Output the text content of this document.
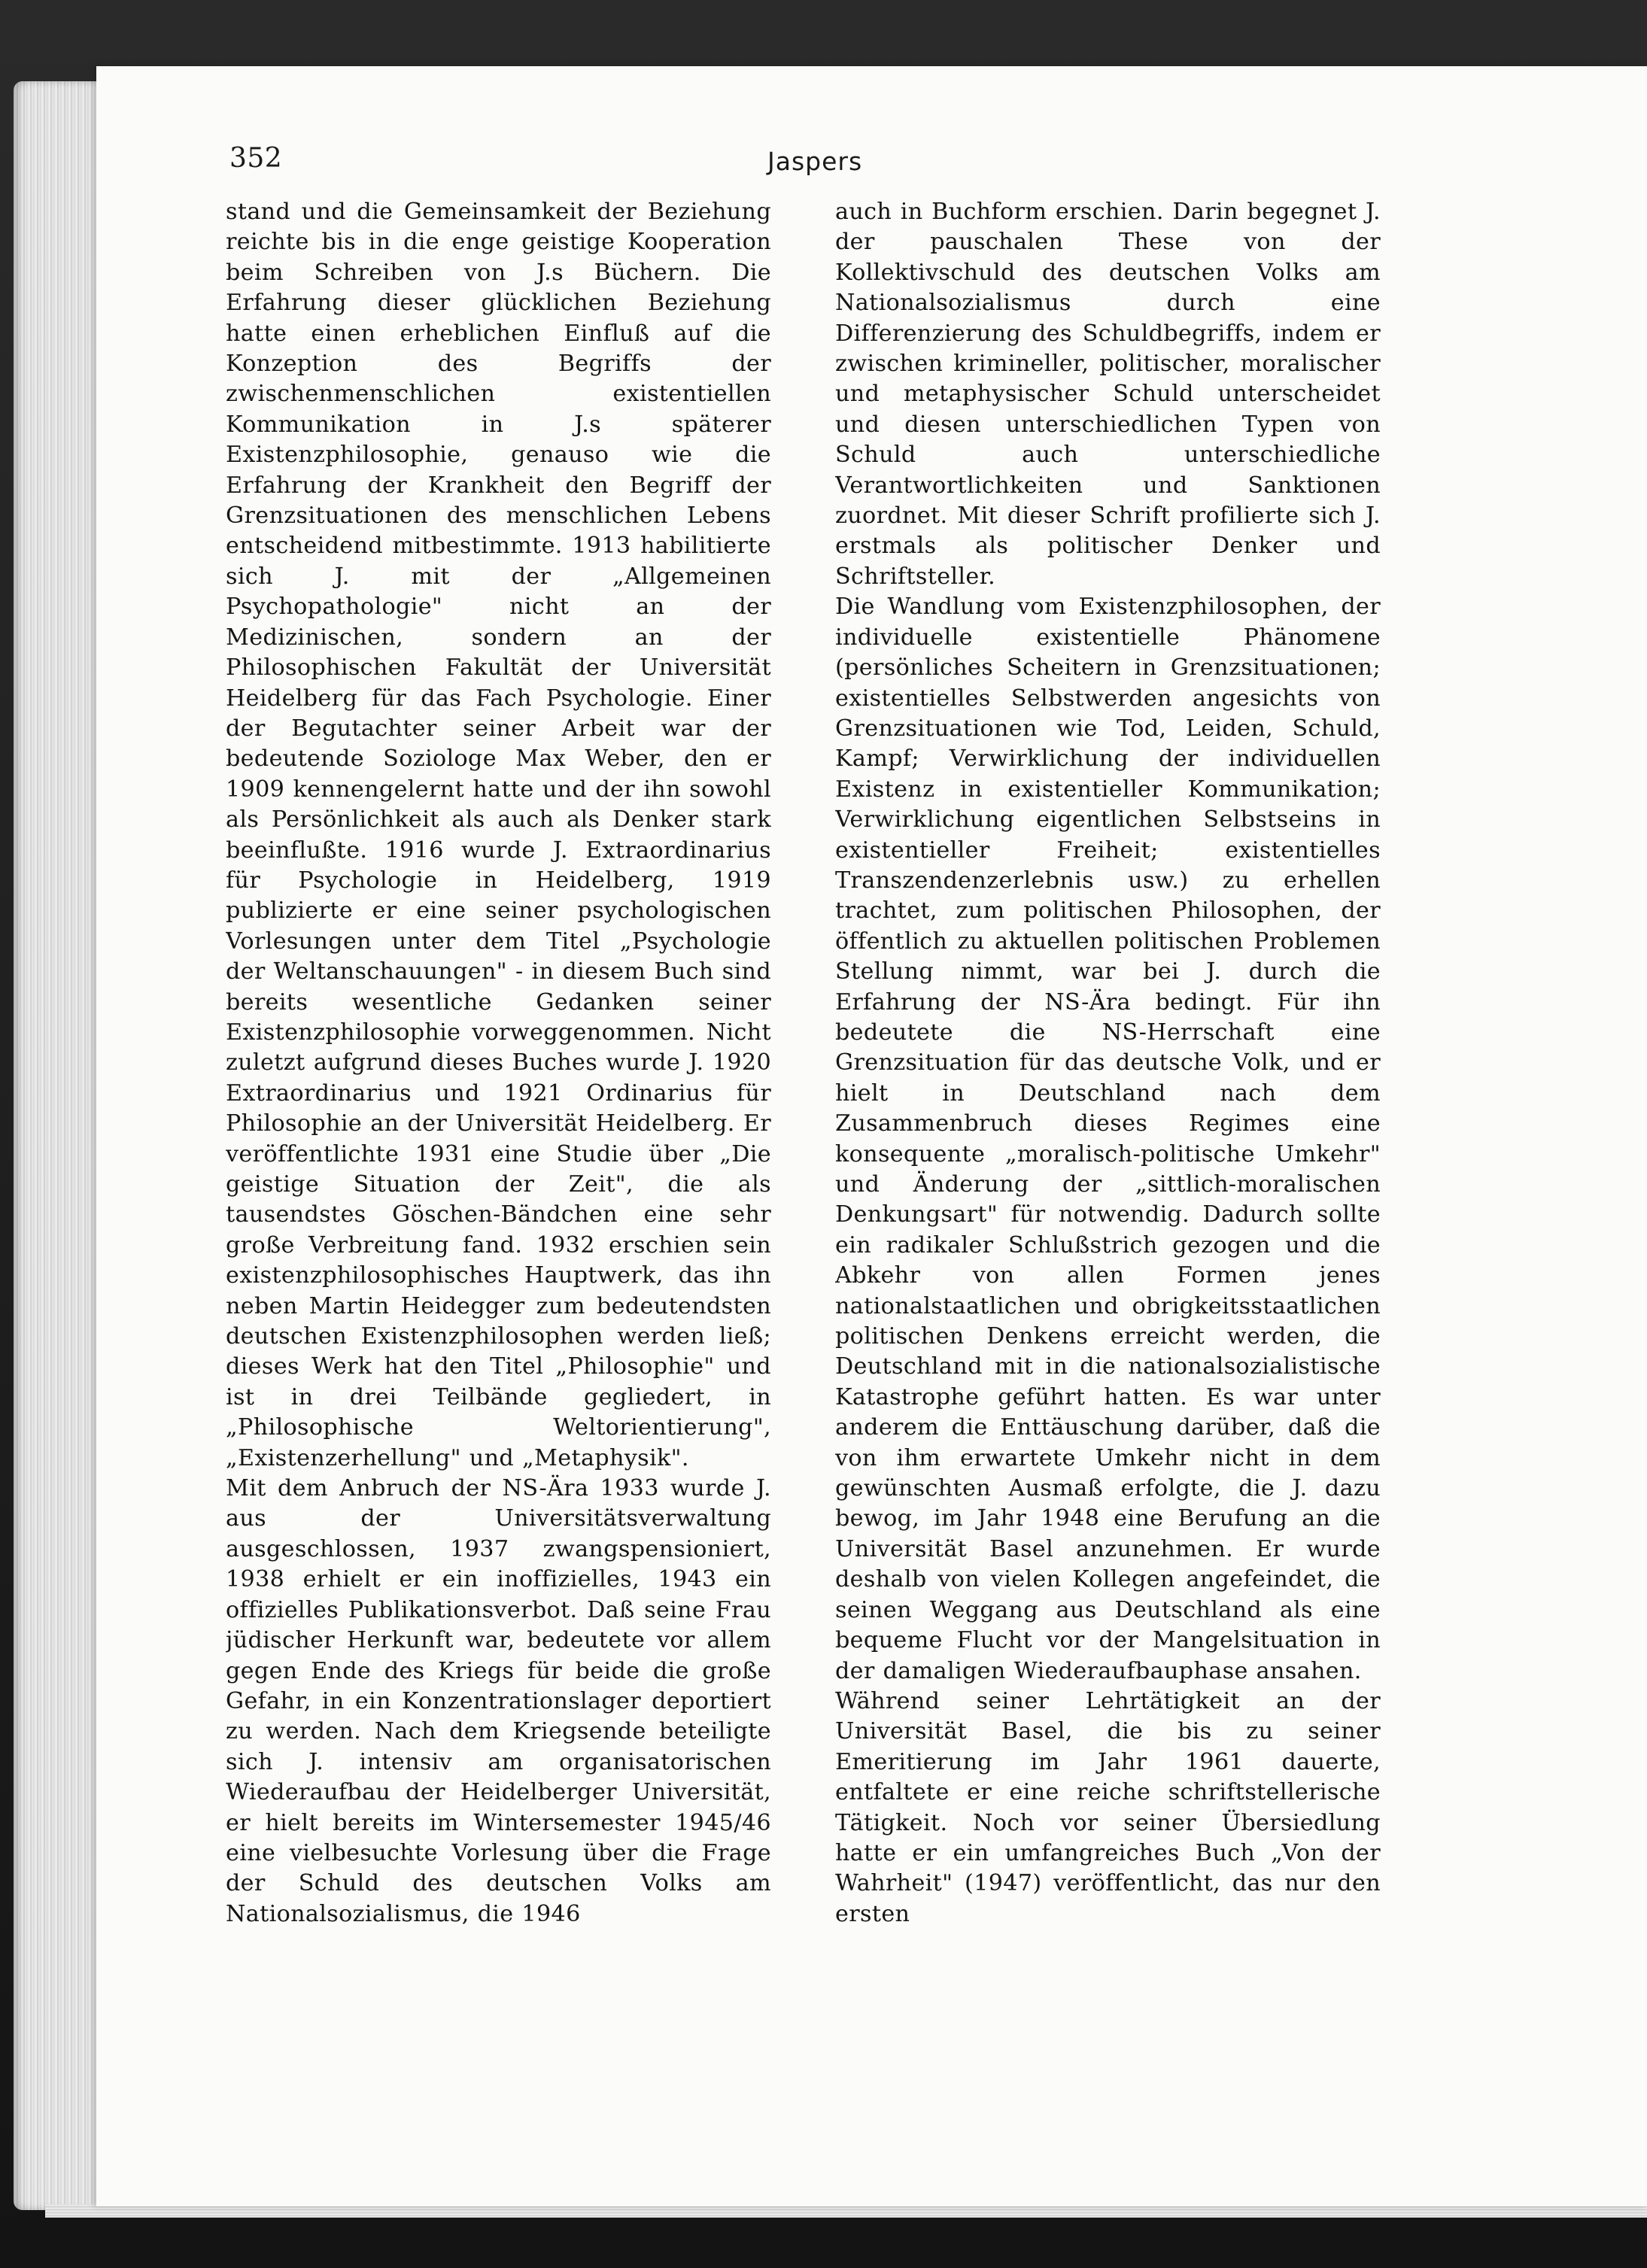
352	Jaspers

stand und die Gemeinsamkeit der Beziehung reichte bis in die enge geistige Kooperation beim Schreiben von J.s Büchern. Die Erfahrung dieser glücklichen Beziehung hatte einen erheblichen Einfluß auf die Konzeption des Begriffs der zwischenmenschlichen existentiellen Kommunikation in J.s späterer Existenzphilosophie, genauso wie die Erfahrung der Krankheit den Begriff der Grenzsituationen des menschlichen Lebens entscheidend mitbestimmte. 1913 habilitierte sich J. mit der „Allgemeinen Psychopathologie" nicht an der Medizinischen, sondern an der Philosophischen Fakultät der Universität Heidelberg für das Fach Psychologie. Einer der Begutachter seiner Arbeit war der bedeutende Soziologe Max Weber, den er 1909 kennengelernt hatte und der ihn sowohl als Persönlichkeit als auch als Denker stark beeinflußte. 1916 wurde J. Extraordinarius für Psychologie in Heidelberg, 1919 publizierte er eine seiner psychologischen Vorlesungen unter dem Titel „Psychologie der Weltanschauungen" - in diesem Buch sind bereits wesentliche Gedanken seiner Existenzphilosophie vorweggenommen. Nicht zuletzt aufgrund dieses Buches wurde J. 1920 Extraordinarius und 1921 Ordinarius für Philosophie an der Universität Heidelberg. Er veröffentlichte 1931 eine Studie über „Die geistige Situation der Zeit", die als tausendstes Göschen-Bändchen eine sehr große Verbreitung fand. 1932 erschien sein existenzphilosophisches Hauptwerk, das ihn neben Martin Heidegger zum bedeutendsten deutschen Existenzphilosophen werden ließ; dieses Werk hat den Titel „Philosophie" und ist in drei Teilbände gegliedert, in „Philosophische Weltorientierung", „Existenzerhellung" und „Metaphysik".

Mit dem Anbruch der NS-Ära 1933 wurde J. aus der Universitätsverwaltung ausgeschlossen, 1937 zwangspensioniert, 1938 erhielt er ein inoffizielles, 1943 ein offizielles Publikationsverbot. Daß seine Frau jüdischer Herkunft war, bedeutete vor allem gegen Ende des Kriegs für beide die große Gefahr, in ein Konzentrationslager deportiert zu werden. Nach dem Kriegsende beteiligte sich J. intensiv am organisatorischen Wiederaufbau der Heidelberger Universität, er hielt bereits im Wintersemester 1945/46 eine vielbesuchte Vorlesung über die Frage der Schuld des deutschen Volks am Nationalsozialismus, die 1946

auch in Buchform erschien. Darin begegnet J. der pauschalen These von der Kollektivschuld des deutschen Volks am Nationalsozialismus durch eine Differenzierung des Schuldbegriffs, indem er zwischen krimineller, politischer, moralischer und metaphysischer Schuld unterscheidet und diesen unterschiedlichen Typen von Schuld auch unterschiedliche Verantwortlichkeiten und Sanktionen zuordnet. Mit dieser Schrift profilierte sich J. erstmals als politischer Denker und Schriftsteller.

Die Wandlung vom Existenzphilosophen, der individuelle existentielle Phänomene (persönliches Scheitern in Grenzsituationen; existentielles Selbstwerden angesichts von Grenzsituationen wie Tod, Leiden, Schuld, Kampf; Verwirklichung der individuellen Existenz in existentieller Kommunikation; Verwirklichung eigentlichen Selbstseins in existentieller Freiheit; existentielles Transzendenzerlebnis usw.) zu erhellen trachtet, zum politischen Philosophen, der öffentlich zu aktuellen politischen Problemen Stellung nimmt, war bei J. durch die Erfahrung der NS-Ära bedingt. Für ihn bedeutete die NS-Herrschaft eine Grenzsituation für das deutsche Volk, und er hielt in Deutschland nach dem Zusammenbruch dieses Regimes eine konsequente „moralisch-politische Umkehr" und Änderung der „sittlich-moralischen Denkungsart" für notwendig. Dadurch sollte ein radikaler Schlußstrich gezogen und die Abkehr von allen Formen jenes nationalstaatlichen und obrigkeitsstaatlichen politischen Denkens erreicht werden, die Deutschland mit in die nationalsozialistische Katastrophe geführt hatten. Es war unter anderem die Enttäuschung darüber, daß die von ihm erwartete Umkehr nicht in dem gewünschten Ausmaß erfolgte, die J. dazu bewog, im Jahr 1948 eine Berufung an die Universität Basel anzunehmen. Er wurde deshalb von vielen Kollegen angefeindet, die seinen Weggang aus Deutschland als eine bequeme Flucht vor der Mangelsituation in der damaligen Wiederaufbauphase ansahen.

Während seiner Lehrtätigkeit an der Universität Basel, die bis zu seiner Emeritierung im Jahr 1961 dauerte, entfaltete er eine reiche schriftstellerische Tätigkeit. Noch vor seiner Übersiedlung hatte er ein umfangreiches Buch „Von der Wahrheit" (1947) veröffentlicht, das nur den ersten
